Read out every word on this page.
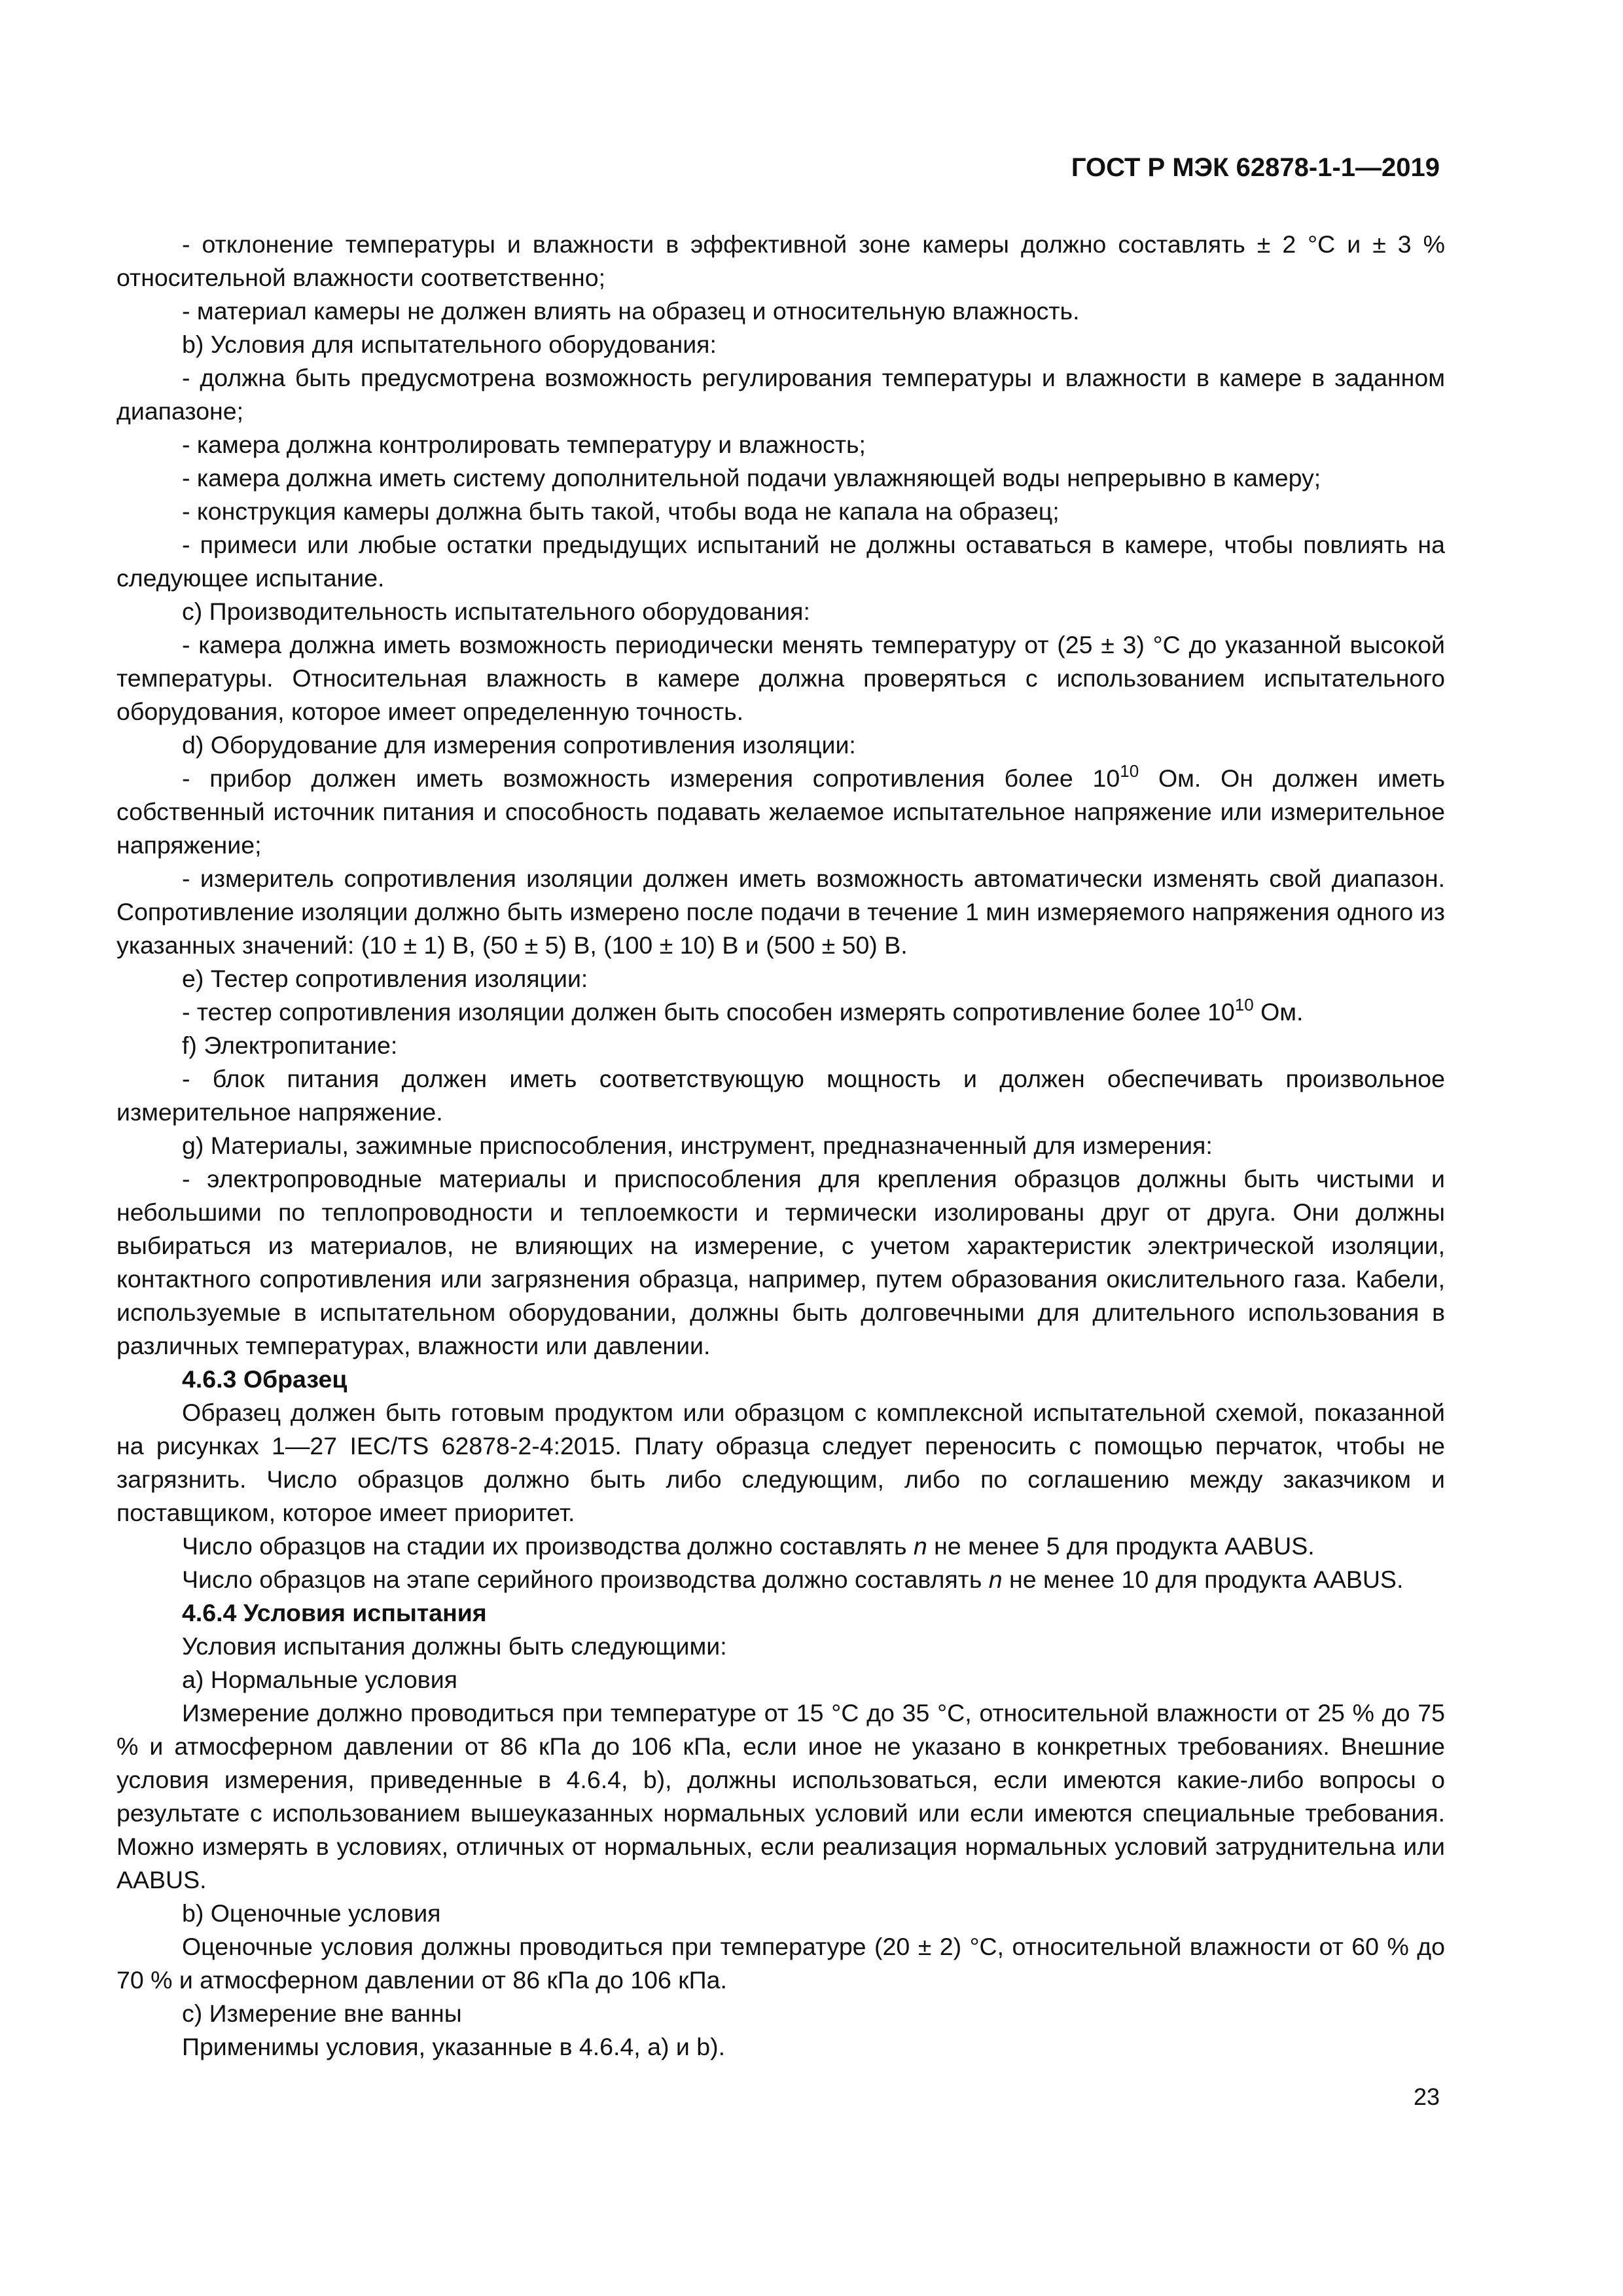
ГОСТ Р МЭК 62878-1-1—2019

- отклонение температуры и влажности в эффективной зоне камеры должно составлять ± 2 °С и ± 3 % относительной влажности соответственно;

- материал камеры не должен влиять на образец и относительную влажность.

b) Условия для испытательного оборудования:

- должна быть предусмотрена возможность регулирования температуры и влажности в камере в заданном диапазоне;

- камера должна контролировать температуру и влажность;

- камера должна иметь систему дополнительной подачи увлажняющей воды непрерывно в камеру;

- конструкция камеры должна быть такой, чтобы вода не капала на образец;

- примеси или любые остатки предыдущих испытаний не должны оставаться в камере, чтобы повлиять на следующее испытание.

с) Производительность испытательного оборудования:

- камера должна иметь возможность периодически менять температуру от (25 ± 3) °С до указанной высокой температуры. Относительная влажность в камере должна проверяться с использованием испытательного оборудования, которое имеет определенную точность.

d) Оборудование для измерения сопротивления изоляции:

- прибор должен иметь возможность измерения сопротивления более $10^{10}$ Ом. Он должен иметь собственный источник питания и способность подавать желаемое испытательное напряжение или измерительное напряжение;

- измеритель сопротивления изоляции должен иметь возможность автоматически изменять свой диапазон. Сопротивление изоляции должно быть измерено после подачи в течение 1 мин измеряемого напряжения одного из указанных значений: (10 ± 1) В, (50 ± 5) В, (100 ± 10) В и (500 ± 50) В.

е) Тестер сопротивления изоляции:

- тестер сопротивления изоляции должен быть способен измерять сопротивление более $10^{10}$ Ом.

f) Электропитание:

- блок питания должен иметь соответствующую мощность и должен обеспечивать произвольное измерительное напряжение.

g) Материалы, зажимные приспособления, инструмент, предназначенный для измерения:

- электропроводные материалы и приспособления для крепления образцов должны быть чистыми и небольшими по теплопроводности и теплоемкости и термически изолированы друг от друга. Они должны выбираться из материалов, не влияющих на измерение, с учетом характеристик электрической изоляции, контактного сопротивления или загрязнения образца, например, путем образования окислительного газа. Кабели, используемые в испытательном оборудовании, должны быть долговечными для длительного использования в различных температурах, влажности или давлении.

4.6.3 Образец

Образец должен быть готовым продуктом или образцом с комплексной испытательной схемой, показанной на рисунках 1—27 IEC/TS 62878-2-4:2015. Плату образца следует переносить с помощью перчаток, чтобы не загрязнить. Число образцов должно быть либо следующим, либо по соглашению между заказчиком и поставщиком, которое имеет приоритет.

Число образцов на стадии их производства должно составлять n не менее 5 для продукта AABUS.

Число образцов на этапе серийного производства должно составлять n не менее 10 для продукта AABUS.

4.6.4 Условия испытания

Условия испытания должны быть следующими:

а) Нормальные условия

Измерение должно проводиться при температуре от 15 °С до 35 °С, относительной влажности от 25 % до 75 % и атмосферном давлении от 86 кПа до 106 кПа, если иное не указано в конкретных требованиях. Внешние условия измерения, приведенные в 4.6.4, b), должны использоваться, если имеются какие-либо вопросы о результате с использованием вышеуказанных нормальных условий или если имеются специальные требования. Можно измерять в условиях, отличных от нормальных, если реализация нормальных условий затруднительна или AABUS.

b) Оценочные условия

Оценочные условия должны проводиться при температуре (20 ± 2) °С, относительной влажности от 60 % до 70 % и атмосферном давлении от 86 кПа до 106 кПа.

с) Измерение вне ванны

Применимы условия, указанные в 4.6.4, а) и b).

23
